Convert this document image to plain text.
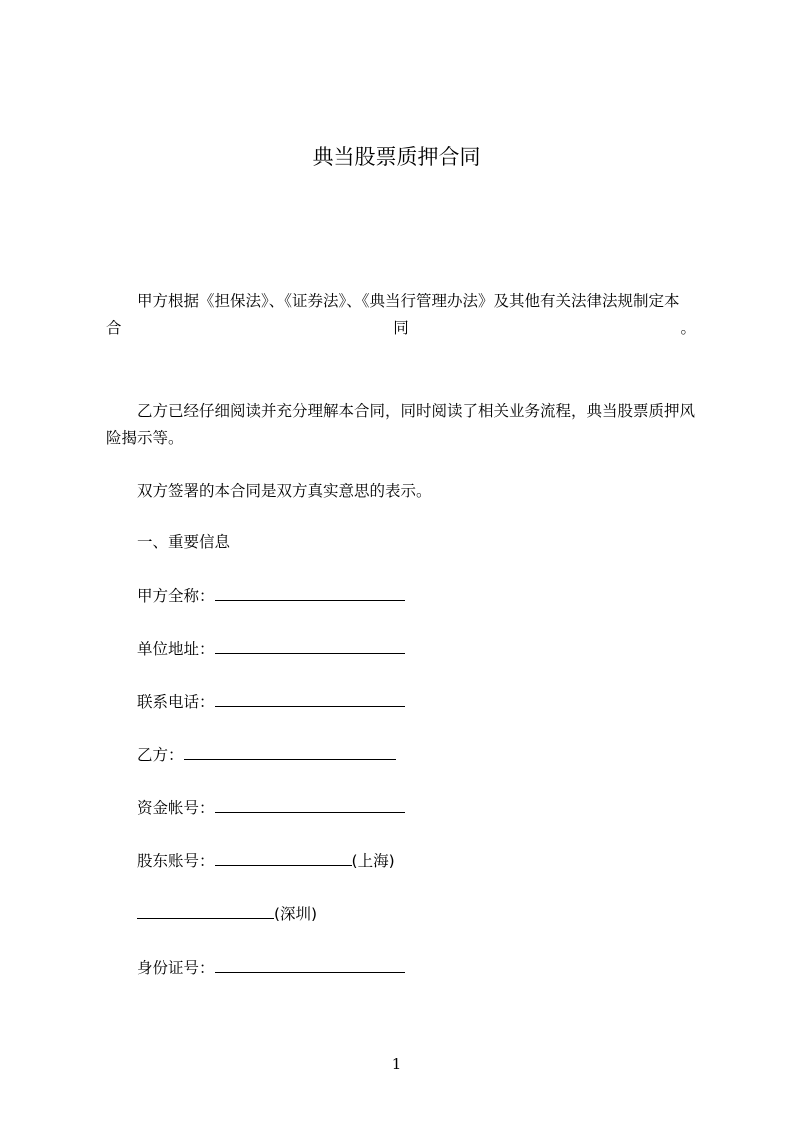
典当股票质押合同
甲方根据《担保法》、《证券法》、《典当行管理办法》及其他有关法律法规制定本
合	同	。
乙方已经仔细阅读并充分理解本合同，同时阅读了相关业务流程，典当股票质押风险揭示等。
双方签署的本合同是双方真实意思的表示。
一、重要信息
甲方全称：
单位地址：
联系电话：
乙方：
资金帐号：
股东账号：	(上海)
(深圳)
身份证号：
1
